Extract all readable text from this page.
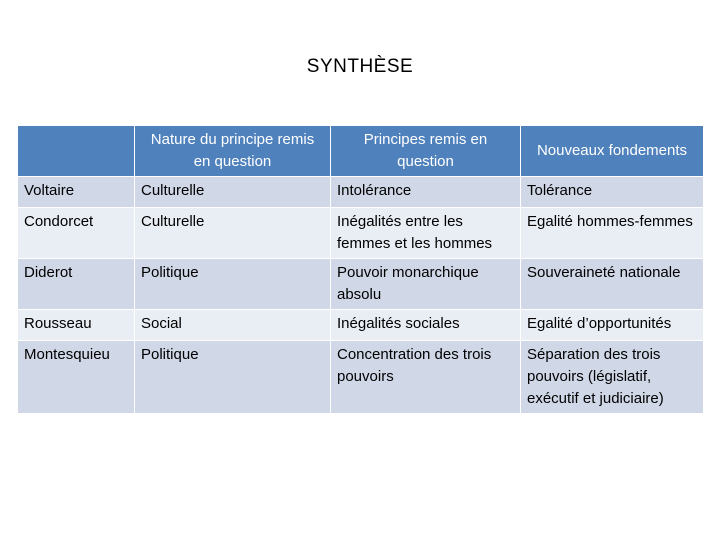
SYNTHÈSE
	Nature du principe remis en question	Principes remis en question	Nouveaux fondements
Voltaire	Culturelle	Intolérance	Tolérance
Condorcet	Culturelle	Inégalités entre les femmes et les hommes	Egalité hommes-femmes
Diderot	Politique	Pouvoir monarchique absolu	Souveraineté nationale
Rousseau	Social	Inégalités sociales	Egalité d’opportunités
Montesquieu	Politique	Concentration des trois pouvoirs	Séparation des trois pouvoirs (législatif, exécutif et judiciaire)
